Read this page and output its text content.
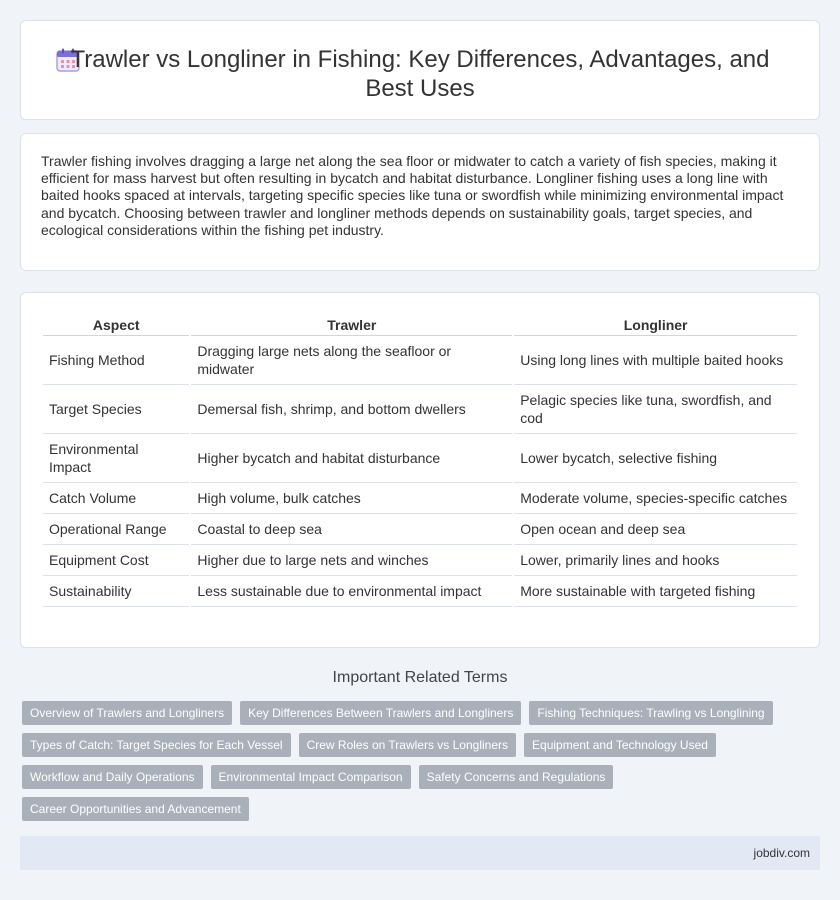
Trawler vs Longliner in Fishing: Key Differences, Advantages, and Best Uses

Trawler fishing involves dragging a large net along the sea floor or midwater to catch a variety of fish species, making it efficient for mass harvest but often resulting in bycatch and habitat disturbance. Longliner fishing uses a long line with baited hooks spaced at intervals, targeting specific species like tuna or swordfish while minimizing environmental impact and bycatch. Choosing between trawler and longliner methods depends on sustainability goals, target species, and ecological considerations within the fishing pet industry.

Aspect	Trawler	Longliner
Fishing Method	Dragging large nets along the seafloor or midwater	Using long lines with multiple baited hooks
Target Species	Demersal fish, shrimp, and bottom dwellers	Pelagic species like tuna, swordfish, and cod
Environmental Impact	Higher bycatch and habitat disturbance	Lower bycatch, selective fishing
Catch Volume	High volume, bulk catches	Moderate volume, species-specific catches
Operational Range	Coastal to deep sea	Open ocean and deep sea
Equipment Cost	Higher due to large nets and winches	Lower, primarily lines and hooks
Sustainability	Less sustainable due to environmental impact	More sustainable with targeted fishing
Important Related Terms
Overview of Trawlers and Longliners	Key Differences Between Trawlers and Longliners	Fishing Techniques: Trawling vs Longlining
Types of Catch: Target Species for Each Vessel	Crew Roles on Trawlers vs Longliners	Equipment and Technology Used
Workflow and Daily Operations	Environmental Impact Comparison	Safety Concerns and Regulations
Career Opportunities and Advancement
jobdiv.com
